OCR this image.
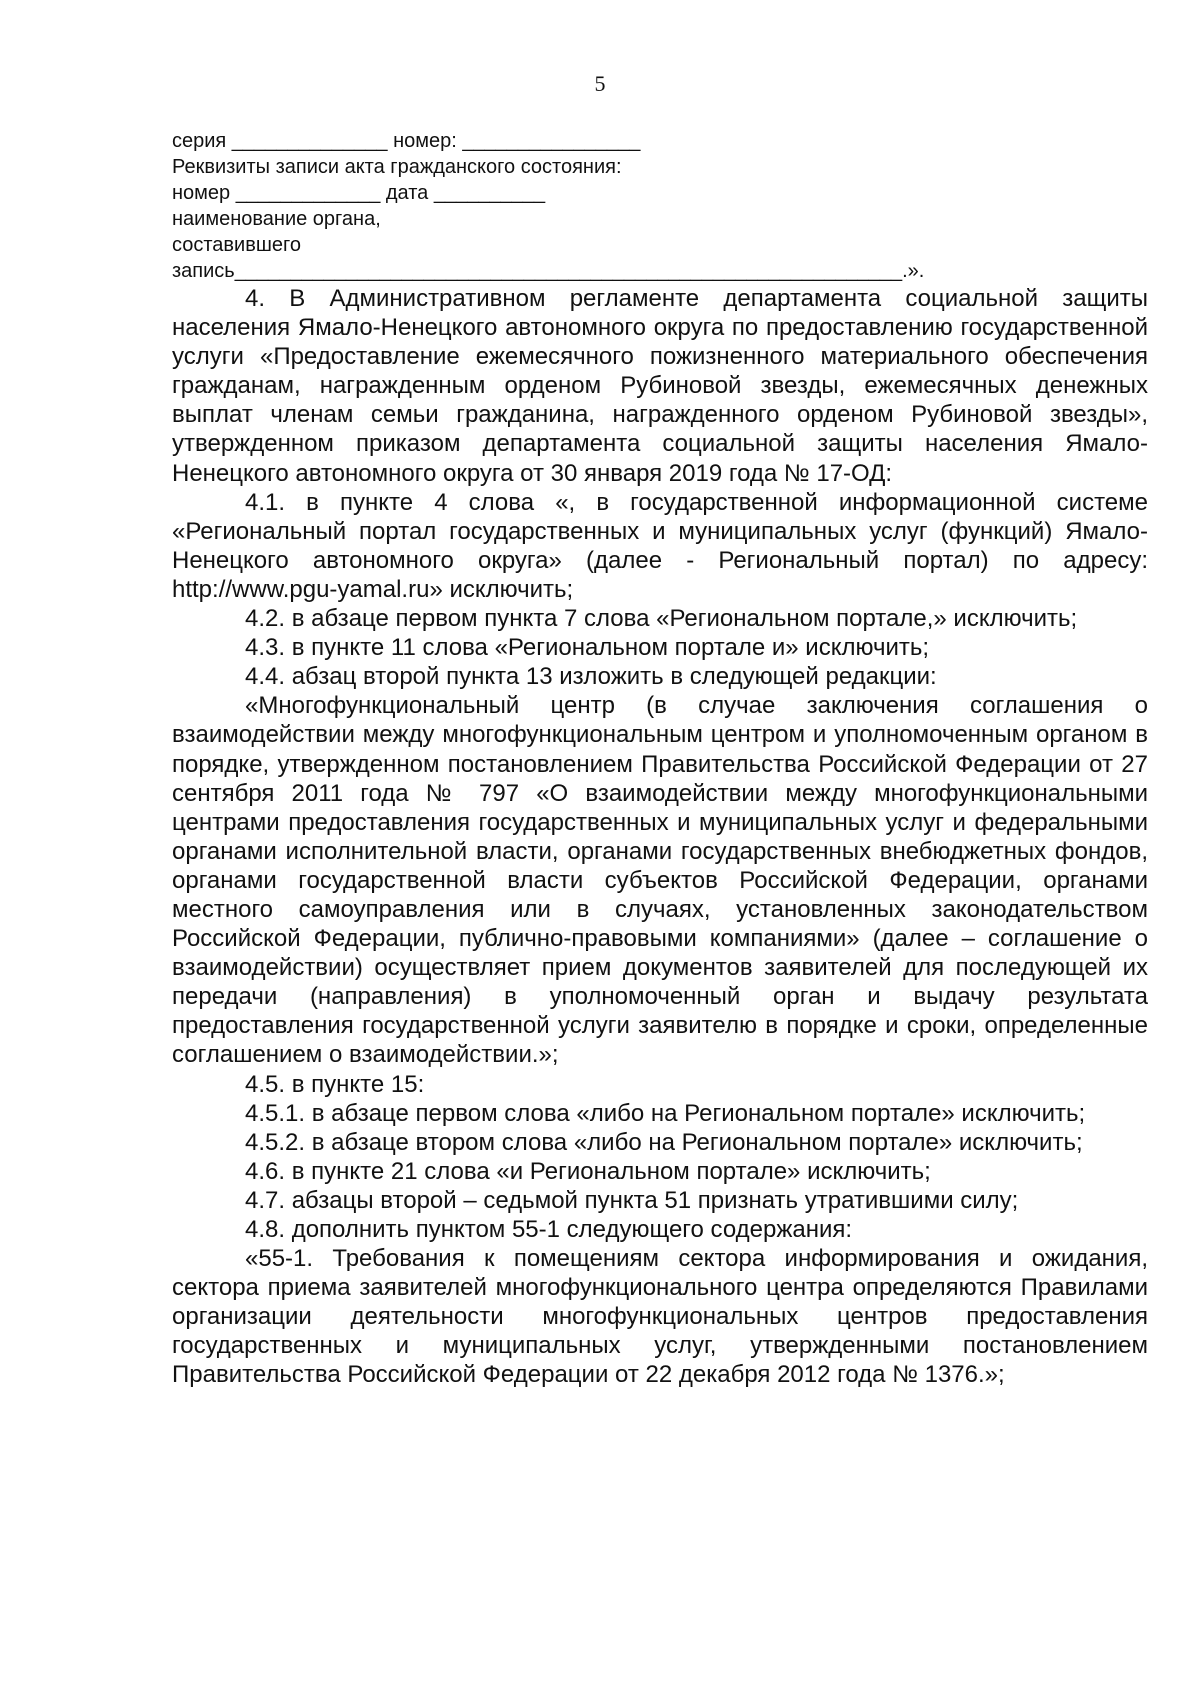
5
серия ______________ номер: ________________
Реквизиты записи акта гражданского состояния:
номер _____________ дата __________
наименование органа,
составившего
запись____________________________________________________________.».

4. В Административном регламенте департамента социальной защиты населения Ямало-Ненецкого автономного округа по предоставлению государственной услуги «Предоставление ежемесячного пожизненного материального обеспечения гражданам, награжденным орденом Рубиновой звезды, ежемесячных денежных выплат членам семьи гражданина, награжденного орденом Рубиновой звезды», утвержденном приказом департамента социальной защиты населения Ямало-Ненецкого автономного округа от 30 января 2019 года № 17-ОД:

4.1. в пункте 4 слова «, в государственной информационной системе «Региональный портал государственных и муниципальных услуг (функций) Ямало-Ненецкого автономного округа» (далее - Региональный портал) по адресу: http://www.pgu-yamal.ru» исключить;

4.2. в абзаце первом пункта 7 слова «Региональном портале,» исключить;

4.3. в пункте 11 слова «Региональном портале и» исключить;

4.4. абзац второй пункта 13 изложить в следующей редакции:

«Многофункциональный центр (в случае заключения соглашения о взаимодействии между многофункциональным центром и уполномоченным органом в порядке, утвержденном постановлением Правительства Российской Федерации от 27 сентября 2011 года № 797 «О взаимодействии между многофункциональными центрами предоставления государственных и муниципальных услуг и федеральными органами исполнительной власти, органами государственных внебюджетных фондов, органами государственной власти субъектов Российской Федерации, органами местного самоуправления или в случаях, установленных законодательством Российской Федерации, публично-правовыми компаниями» (далее – соглашение о взаимодействии) осуществляет прием документов заявителей для последующей их передачи (направления) в уполномоченный орган и выдачу результата предоставления государственной услуги заявителю в порядке и сроки, определенные соглашением о взаимодействии.»;

4.5. в пункте 15:

4.5.1. в абзаце первом слова «либо на Региональном портале» исключить;

4.5.2. в абзаце втором слова «либо на Региональном портале» исключить;

4.6. в пункте 21 слова «и Региональном портале» исключить;

4.7. абзацы второй – седьмой пункта 51 признать утратившими силу;

4.8. дополнить пунктом 55-1 следующего содержания:

«55-1. Требования к помещениям сектора информирования и ожидания, сектора приема заявителей многофункционального центра определяются Правилами организации деятельности многофункциональных центров предоставления государственных и муниципальных услуг, утвержденными постановлением Правительства Российской Федерации от 22 декабря 2012 года № 1376.»;
